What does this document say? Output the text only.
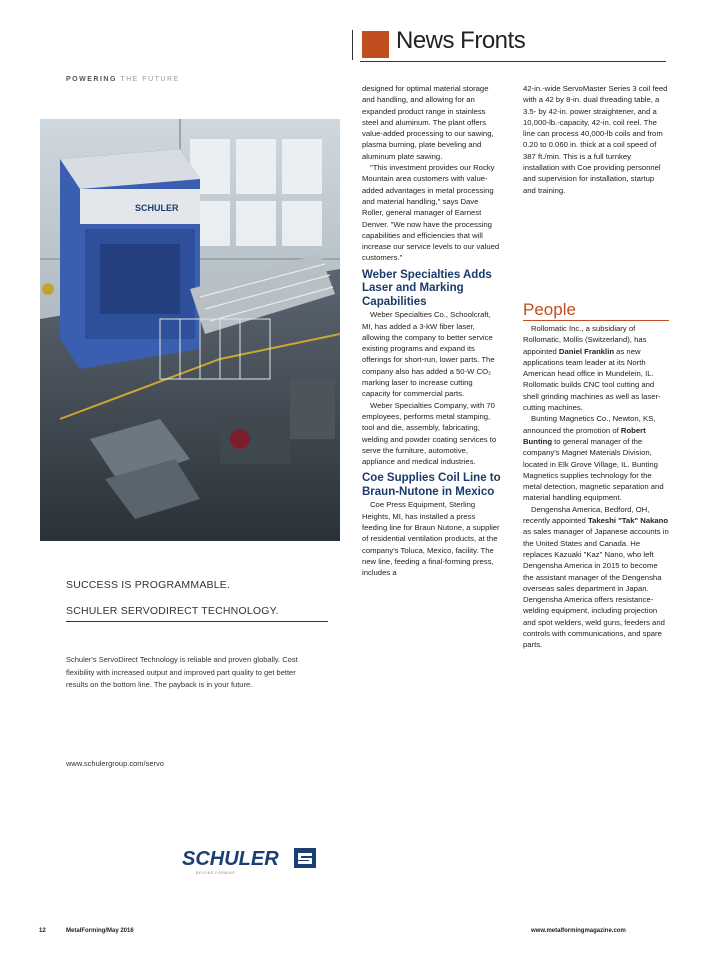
POWERING THE FUTURE
SCHULER
SUCCESS IS PROGRAMMABLE.
SCHULER SERVODIRECT TECHNOLOGY.
Schuler's ServoDirect Technology is reliable and proven globally. Cost flexibility with increased output and improved part quality to get better results on the bottom line. The payback is in your future.
www.schulergroup.com/servo
SCHULER
BEYOND FORMING
News Fronts

designed for optimal material storage and handling, and allowing for an expanded product range in stainless steel and aluminum. The plant offers value-added processing to our sawing, plasma burning, plate beveling and aluminum plate sawing.

"This investment provides our Rocky Mountain area customers with value-added advantages in metal processing and material handling," says Dave Roller, general manager of Earnest Denver. "We now have the processing capabilities and efficiencies that will increase our service levels to our valued customers."

Weber Specialties Adds Laser and Marking Capabilities

Weber Specialties Co., Schoolcraft, MI, has added a 3-kW fiber laser, allowing the company to better service existing programs and expand its offerings for short-run, lower parts. The company also has added a 50-W CO₂ marking laser to increase cutting capacity for commercial parts.

Weber Specialties Company, with 70 employees, performs metal stamping, tool and die, assembly, fabricating, welding and powder coating services to serve the furniture, automotive, appliance and medical industries.

Coe Supplies Coil Line to Braun-Nutone in Mexico

Coe Press Equipment, Sterling Heights, MI, has installed a press feeding line for Braun Nutone, a supplier of residential ventilation products, at the company's Toluca, Mexico, facility. The new line, feeding a final-forming press, includes a

42-in.-wide ServoMaster Series 3 coil feed with a 42 by 8-in. dual threading table, a 3.5- by 42-in. power straightener, and a 10,000-lb.-capacity, 42-in. coil reel. The line can process 40,000-lb coils and from 0.20 to 0.060 in. thick at a coil speed of 387 ft./min. This is a full turnkey installation with Coe providing personnel and supervision for installation, startup and training.

People

Rollomatic Inc., a subsidiary of Rollomatic, Mollis (Switzerland), has appointed Daniel Franklin as new applications team leader at its North American head office in Mundelein, IL. Rollomatic builds CNC tool cutting and shell grinding machines as well as laser-cutting machines.

Bunting Magnetics Co., Newton, KS, announced the promotion of Robert Bunting to general manager of the company's Magnet Materials Division, located in Elk Grove Village, IL. Bunting Magnetics supplies technology for the metal detection, magnetic separation and material handling equipment.

Dengensha America, Bedford, OH, recently appointed Takeshi "Tak" Nakano as sales manager of Japanese accounts in the United States and Canada. He replaces Kazuaki "Kaz" Nano, who left Dengensha America in 2015 to become the assistant manager of the Dengensha overseas sales department in Japan. Dengensha America offers resistance-welding equipment, including projection and spot welders, weld guns, feeders and controls with communications, and spare parts.

12	MetalForming/May 2016	www.metalformingmagazine.com
